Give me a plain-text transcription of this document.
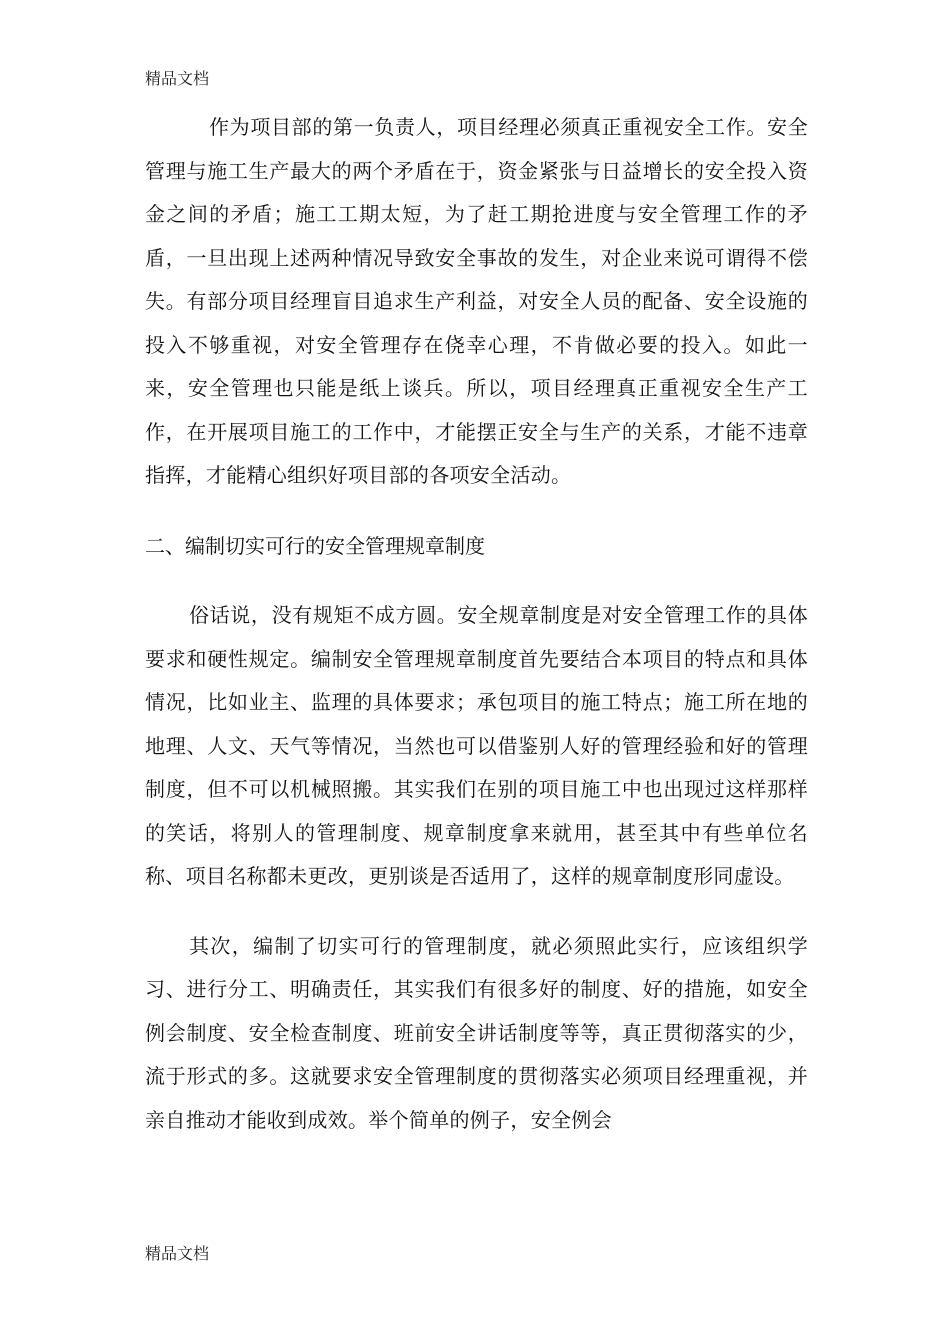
精品文档

作为项目部的第一负责人，项目经理必须真正重视安全工作。安全管理与施工生产最大的两个矛盾在于，资金紧张与日益增长的安全投入资金之间的矛盾；施工工期太短，为了赶工期抢进度与安全管理工作的矛盾，一旦出现上述两种情况导致安全事故的发生，对企业来说可谓得不偿失。有部分项目经理盲目追求生产利益，对安全人员的配备、安全设施的投入不够重视，对安全管理存在侥幸心理，不肯做必要的投入。如此一来，安全管理也只能是纸上谈兵。所以，项目经理真正重视安全生产工作，在开展项目施工的工作中，才能摆正安全与生产的关系，才能不违章指挥，才能精心组织好项目部的各项安全活动。

二、编制切实可行的安全管理规章制度

俗话说，没有规矩不成方圆。安全规章制度是对安全管理工作的具体要求和硬性规定。编制安全管理规章制度首先要结合本项目的特点和具体情况，比如业主、监理的具体要求；承包项目的施工特点；施工所在地的地理、人文、天气等情况，当然也可以借鉴别人好的管理经验和好的管理制度，但不可以机械照搬。其实我们在别的项目施工中也出现过这样那样的笑话，将别人的管理制度、规章制度拿来就用，甚至其中有些单位名称、项目名称都未更改，更别谈是否适用了，这样的规章制度形同虚设。

其次，编制了切实可行的管理制度，就必须照此实行，应该组织学习、进行分工、明确责任，其实我们有很多好的制度、好的措施，如安全例会制度、安全检查制度、班前安全讲话制度等等，真正贯彻落实的少，流于形式的多。这就要求安全管理制度的贯彻落实必须项目经理重视，并亲自推动才能收到成效。举个简单的例子，安全例会

精品文档
